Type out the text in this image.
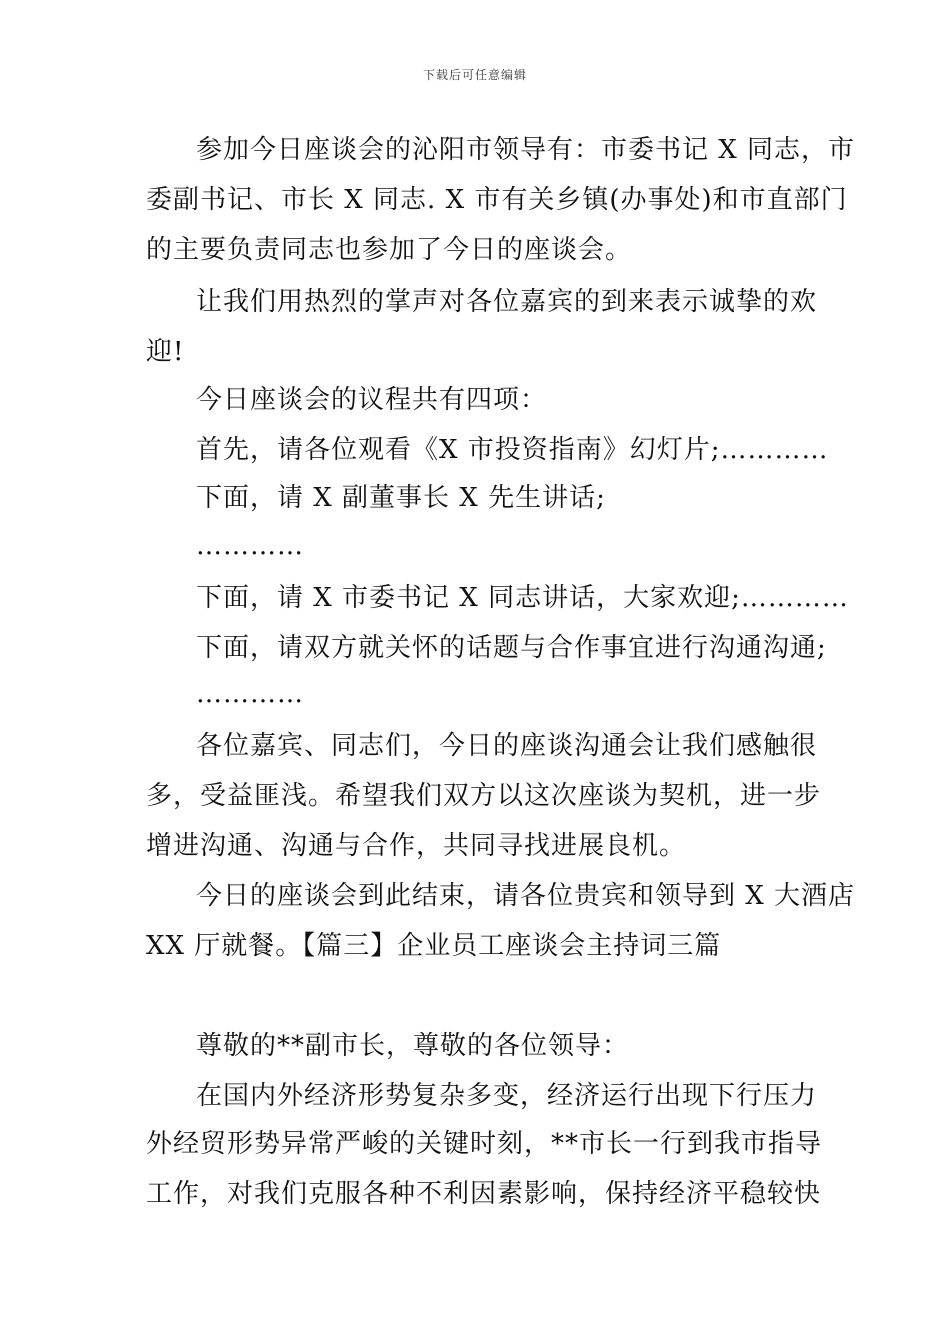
下载后可任意编辑
参加今日座谈会的沁阳市领导有：市委书记 X 同志，市
委副书记、市长 X 同志. X 市有关乡镇(办事处)和市直部门
的主要负责同志也参加了今日的座谈会。
让我们用热烈的掌声对各位嘉宾的到来表示诚挚的欢
迎!
今日座谈会的议程共有四项：
首先，请各位观看《X 市投资指南》幻灯片;…………
下面，请 X 副董事长 X 先生讲话;
…………
下面，请 X 市委书记 X 同志讲话，大家欢迎;…………
下面，请双方就关怀的话题与合作事宜进行沟通沟通;
…………
各位嘉宾、同志们，今日的座谈沟通会让我们感触很
多，受益匪浅。希望我们双方以这次座谈为契机，进一步
增进沟通、沟通与合作，共同寻找进展良机。
今日的座谈会到此结束，请各位贵宾和领导到 X 大酒店
XX 厅就餐。【篇三】企业员工座谈会主持词三篇
尊敬的**副市长，尊敬的各位领导：
在国内外经济形势复杂多变，经济运行出现下行压力
外经贸形势异常严峻的关键时刻，**市长一行到我市指导
工作，对我们克服各种不利因素影响，保持经济平稳较快
